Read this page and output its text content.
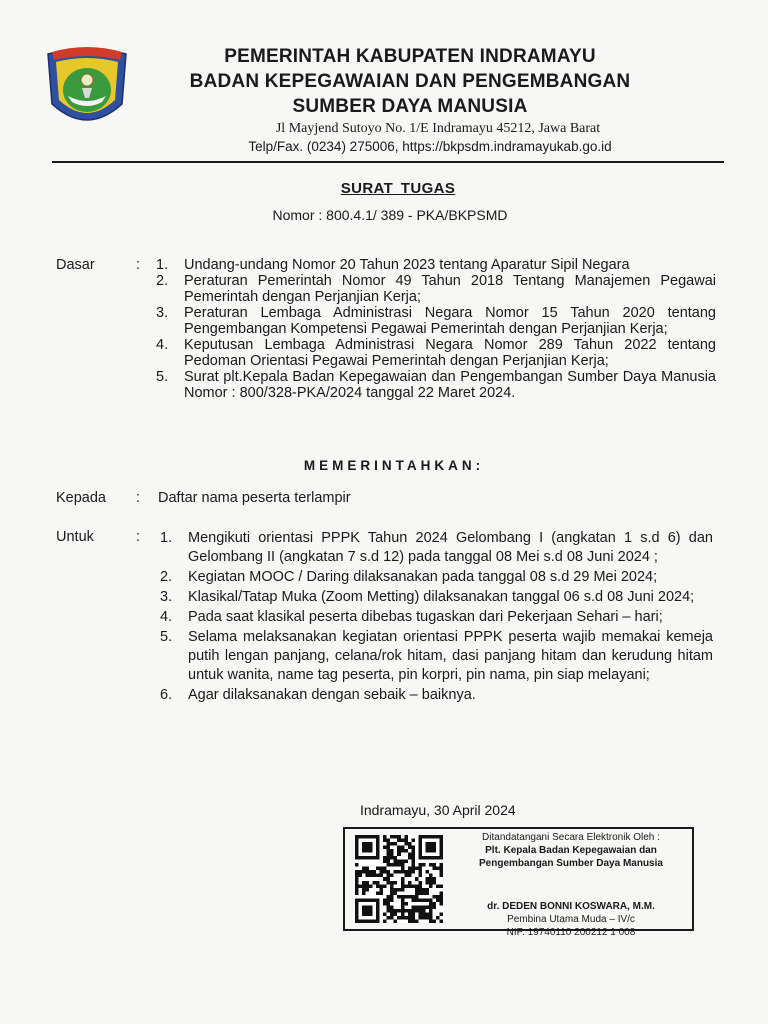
PEMERINTAH KABUPATEN INDRAMAYU
BADAN KEPEGAWAIAN DAN PENGEMBANGAN
SUMBER DAYA MANUSIA
Jl Mayjend Sutoyo No. 1/E Indramayu 45212, Jawa Barat
Telp/Fax. (0234) 275006, https://bkpsdm.indramayukab.go.id
SURAT TUGAS
Nomor : 800.4.1/ 389 - PKA/BKPSMD
Dasar	: 1. Undang-undang Nomor 20 Tahun 2023 tentang Aparatur Sipil Negara
2. Peraturan Pemerintah Nomor 49 Tahun 2018 Tentang Manajemen Pegawai Pemerintah dengan Perjanjian Kerja;
3. Peraturan Lembaga Administrasi Negara Nomor 15 Tahun 2020 tentang Pengembangan Kompetensi Pegawai Pemerintah dengan Perjanjian Kerja;
4. Keputusan Lembaga Administrasi Negara Nomor 289 Tahun 2022 tentang Pedoman Orientasi Pegawai Pemerintah dengan Perjanjian Kerja;
5. Surat plt.Kepala Badan Kepegawaian dan Pengembangan Sumber Daya Manusia Nomor : 800/328-PKA/2024 tanggal 22 Maret 2024.
MEMERINTAHKAN:
Kepada : Daftar nama peserta terlampir
Untuk	: 1. Mengikuti orientasi PPPK Tahun 2024 Gelombang I (angkatan 1 s.d 6) dan Gelombang II (angkatan 7 s.d 12) pada tanggal 08 Mei s.d 08 Juni 2024 ;
2. Kegiatan MOOC / Daring dilaksanakan pada tanggal 08 s.d 29 Mei 2024;
3. Klasikal/Tatap Muka (Zoom Metting) dilaksanakan tanggal 06 s.d 08 Juni 2024;
4. Pada saat klasikal peserta dibebas tugaskan dari Pekerjaan Sehari – hari;
5. Selama melaksanakan kegiatan orientasi PPPK peserta wajib memakai kemeja putih lengan panjang, celana/rok hitam, dasi panjang hitam dan kerudung hitam untuk wanita, name tag peserta, pin korpri, pin nama, pin siap melayani;
6. Agar dilaksanakan dengan sebaik – baiknya.
Indramayu, 30 April 2024
Ditandatangani Secara Elektronik Oleh :
Plt. Kepala Badan Kepegawaian dan
Pengembangan Sumber Daya Manusia
dr. DEDEN BONNI KOSWARA, M.M.
Pembina Utama Muda – IV/c
NIP. 19740110 200212 1 008
